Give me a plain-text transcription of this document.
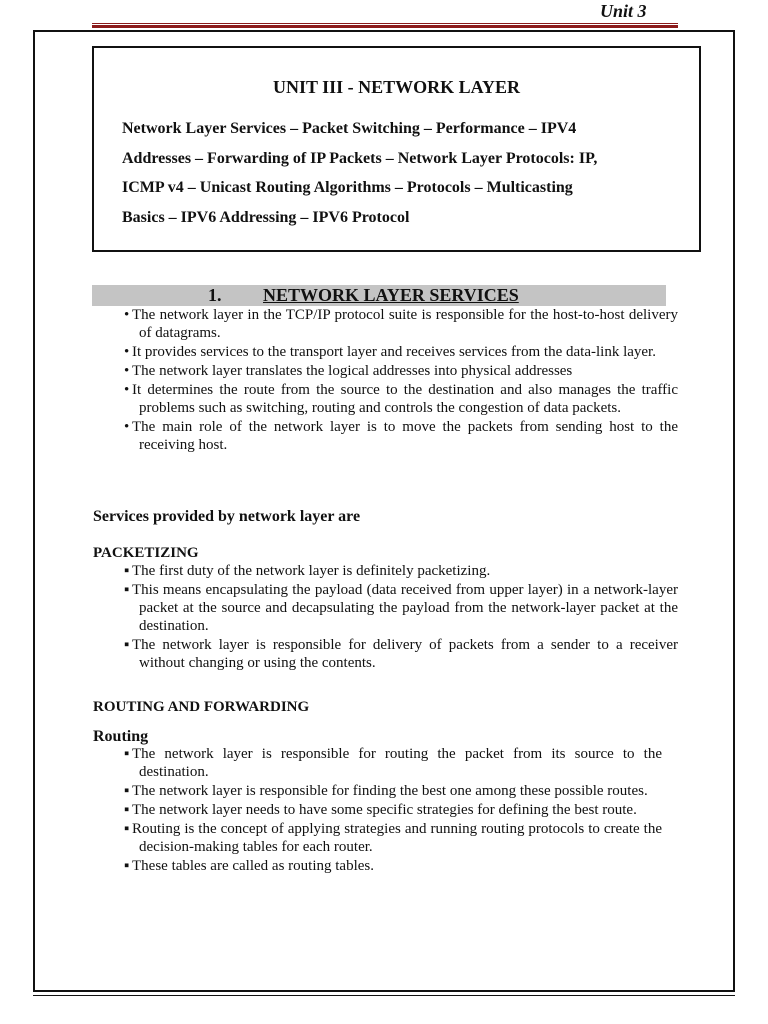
Unit 3
UNIT III - NETWORK LAYER
Network Layer Services – Packet Switching – Performance – IPV4
Addresses – Forwarding of IP Packets – Network Layer Protocols: IP,
ICMP v4 – Unicast Routing Algorithms – Protocols – Multicasting
Basics – IPV6 Addressing – IPV6 Protocol
1. NETWORK LAYER SERVICES
• The network layer in the TCP/IP protocol suite is responsible for the host-to-host delivery of datagrams.
• It provides services to the transport layer and receives services from the data-link layer.
• The network layer translates the logical addresses into physical addresses
• It determines the route from the source to the destination and also manages the traffic problems such as switching, routing and controls the congestion of data packets.
• The main role of the network layer is to move the packets from sending host to the receiving host.
Services provided by network layer are
PACKETIZING
▪ The first duty of the network layer is definitely packetizing.
▪ This means encapsulating the payload (data received from upper layer) in a network-layer packet at the source and decapsulating the payload from the network-layer packet at the destination.
▪ The network layer is responsible for delivery of packets from a sender to a receiver without changing or using the contents.
ROUTING AND FORWARDING
Routing
▪ The network layer is responsible for routing the packet from its source to the destination.
▪ The network layer is responsible for finding the best one among these possible routes.
▪ The network layer needs to have some specific strategies for defining the best route.
▪ Routing is the concept of applying strategies and running routing protocols to create the decision-making tables for each router.
▪ These tables are called as routing tables.
